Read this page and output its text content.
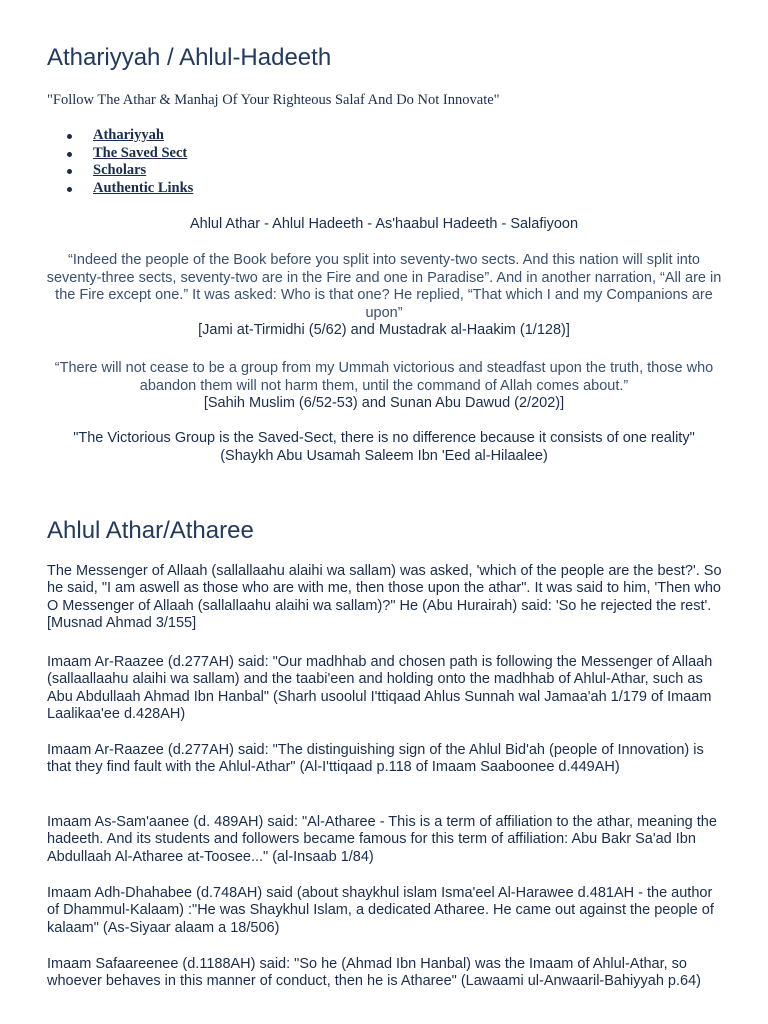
Athariyyah / Ahlul-Hadeeth

"Follow The Athar & Manhaj Of Your Righteous Salaf And Do Not Innovate"

Athariyyah
The Saved Sect
Scholars
Authentic Links

Ahlul Athar - Ahlul Hadeeth - As'haabul Hadeeth - Salafiyoon

“Indeed the people of the Book before you split into seventy-two sects. And this nation will split into seventy-three sects, seventy-two are in the Fire and one in Paradise”. And in another narration, “All are in the Fire except one.” It was asked: Who is that one? He replied, “That which I and my Companions are upon”
[Jami at-Tirmidhi (5/62) and Mustadrak al-Haakim (1/128)]
“There will not cease to be a group from my Ummah victorious and steadfast upon the truth, those who abandon them will not harm them, until the command of Allah comes about.”
[Sahih Muslim (6/52-53) and Sunan Abu Dawud (2/202)]
"The Victorious Group is the Saved-Sect, there is no difference because it consists of one reality"
(Shaykh Abu Usamah Saleem Ibn 'Eed al-Hilaalee)
Ahlul Athar/Atharee

The Messenger of Allaah (sallallaahu alaihi wa sallam) was asked, 'which of the people are the best?'. So he said, "I am aswell as those who are with me, then those upon the athar". It was said to him, 'Then who O Messenger of Allaah (sallallaahu alaihi wa sallam)?" He (Abu Hurairah) said: 'So he rejected the rest'. [Musnad Ahmad 3/155]

Imaam Ar-Raazee (d.277AH) said: "Our madhhab and chosen path is following the Messenger of Allaah (sallaallaahu alaihi wa sallam) and the taabi'een and holding onto the madhhab of Ahlul-Athar, such as Abu Abdullaah Ahmad Ibn Hanbal" (Sharh usoolul I'ttiqaad Ahlus Sunnah wal Jamaa'ah 1/179 of Imaam Laalikaa'ee d.428AH)

Imaam Ar-Raazee (d.277AH) said: "The distinguishing sign of the Ahlul Bid'ah (people of Innovation) is that they find fault with the Ahlul-Athar" (Al-I'ttiqaad p.118 of Imaam Saaboonee d.449AH)

Imaam As-Sam'aanee (d. 489AH) said: "Al-Atharee - This is a term of affiliation to the athar, meaning the hadeeth. And its students and followers became famous for this term of affiliation: Abu Bakr Sa'ad Ibn Abdullaah Al-Atharee at-Toosee..." (al-Insaab 1/84)

Imaam Adh-Dhahabee (d.748AH) said (about shaykhul islam Isma'eel Al-Harawee d.481AH - the author of Dhammul-Kalaam) :"He was Shaykhul Islam, a dedicated Atharee. He came out against the people of kalaam" (As-Siyaar alaam a 18/506)

Imaam Safaareenee (d.1188AH) said: "So he (Ahmad Ibn Hanbal) was the Imaam of Ahlul-Athar, so whoever behaves in this manner of conduct, then he is Atharee" (Lawaami ul-Anwaaril-Bahiyyah p.64)
